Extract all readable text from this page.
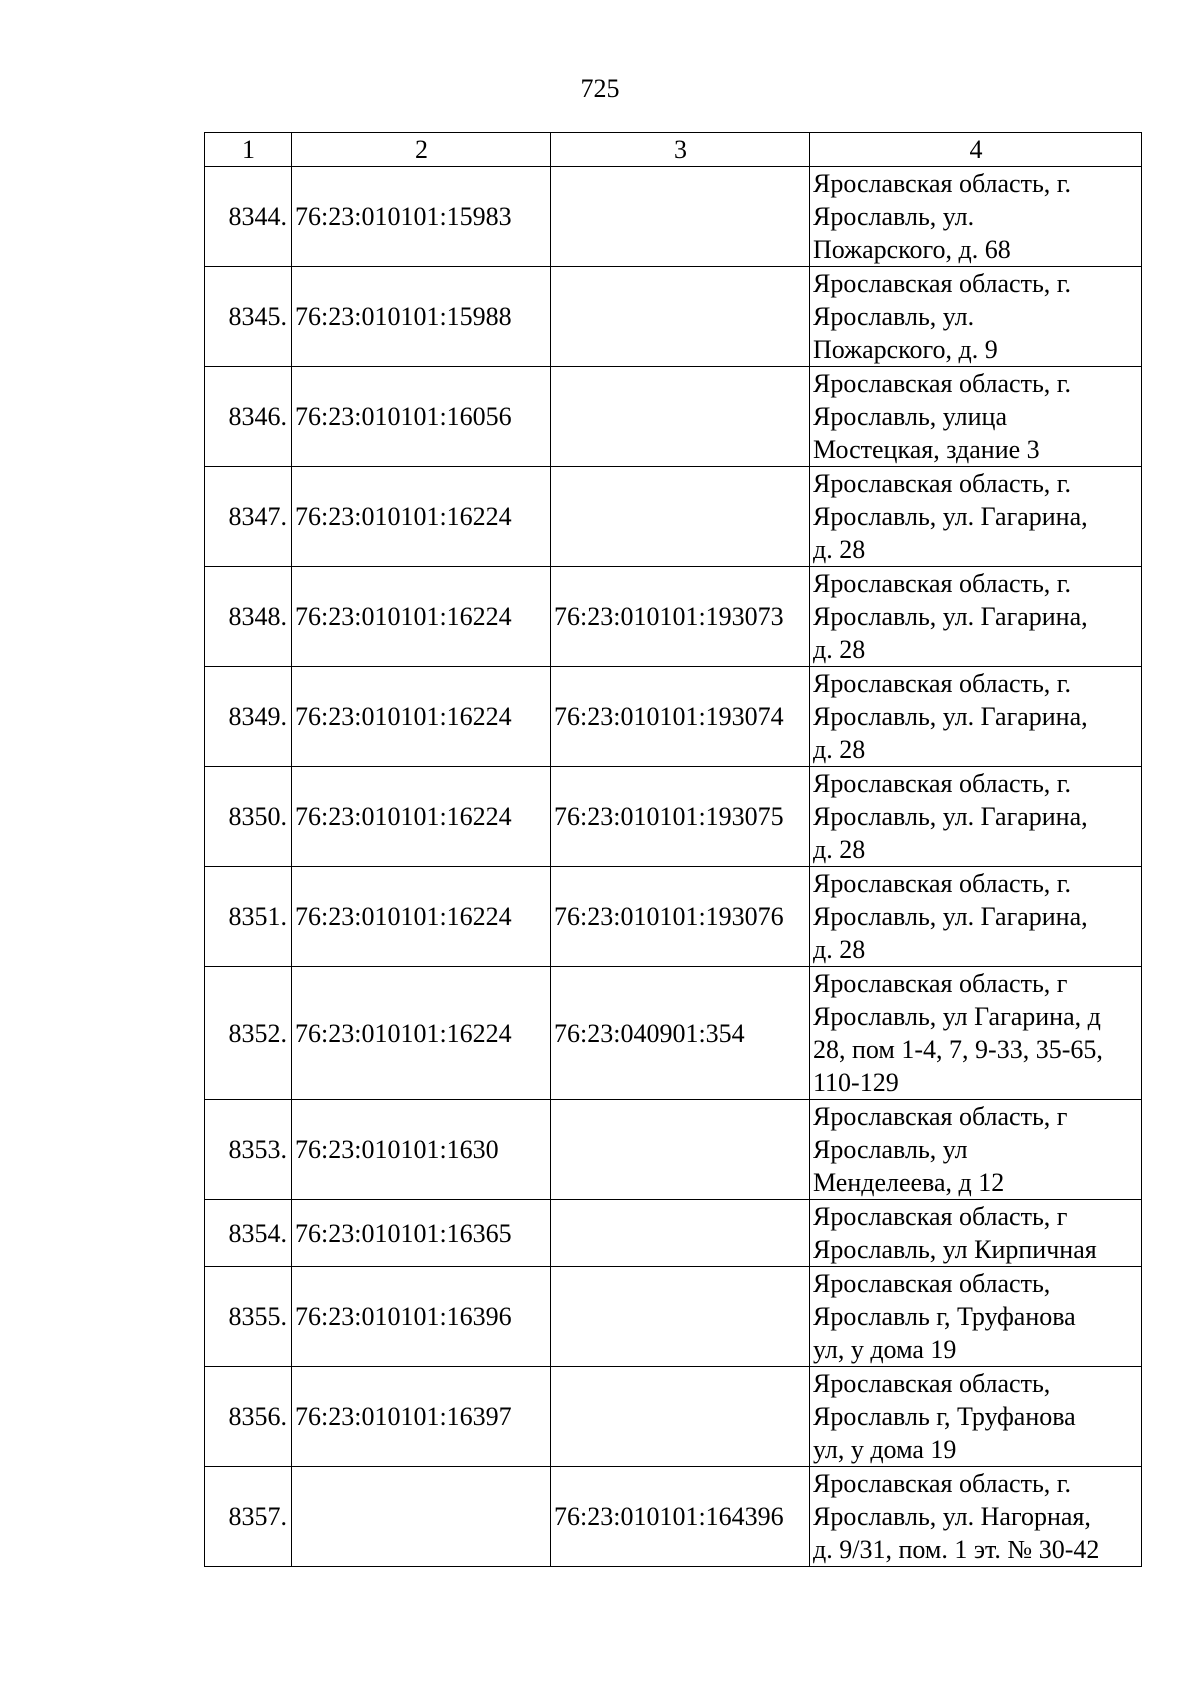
725
1	2	3	4
8344.	76:23:010101:15983		Ярославская область, г.
Ярославль, ул.
Пожарского, д. 68

8345.	76:23:010101:15988		Ярославская область, г.
Ярославль, ул.
Пожарского, д. 9

8346.	76:23:010101:16056		Ярославская область, г.
Ярославль, улица
Мостецкая, здание 3

8347.	76:23:010101:16224		Ярославская область, г.
Ярославль, ул. Гагарина,
д. 28

8348.	76:23:010101:16224	76:23:010101:193073	Ярославская область, г.
Ярославль, ул. Гагарина,
д. 28

8349.	76:23:010101:16224	76:23:010101:193074	Ярославская область, г.
Ярославль, ул. Гагарина,
д. 28

8350.	76:23:010101:16224	76:23:010101:193075	Ярославская область, г.
Ярославль, ул. Гагарина,
д. 28

8351.	76:23:010101:16224	76:23:010101:193076	Ярославская область, г.
Ярославль, ул. Гагарина,
д. 28

8352.	76:23:010101:16224	76:23:040901:354	Ярославская область, г
Ярославль, ул Гагарина, д
28, пом 1-4, 7, 9-33, 35-65,
110-129

8353.	76:23:010101:1630		Ярославская область, г
Ярославль, ул
Менделеева, д 12

8354.	76:23:010101:16365		Ярославская область, г
Ярославль, ул Кирпичная

8355.	76:23:010101:16396		Ярославская область,
Ярославль г, Труфанова
ул, у дома 19

8356.	76:23:010101:16397		Ярославская область,
Ярославль г, Труфанова
ул, у дома 19

8357.		76:23:010101:164396	Ярославская область, г.
Ярославль, ул. Нагорная,
д. 9/31, пом. 1 эт. № 30-42
